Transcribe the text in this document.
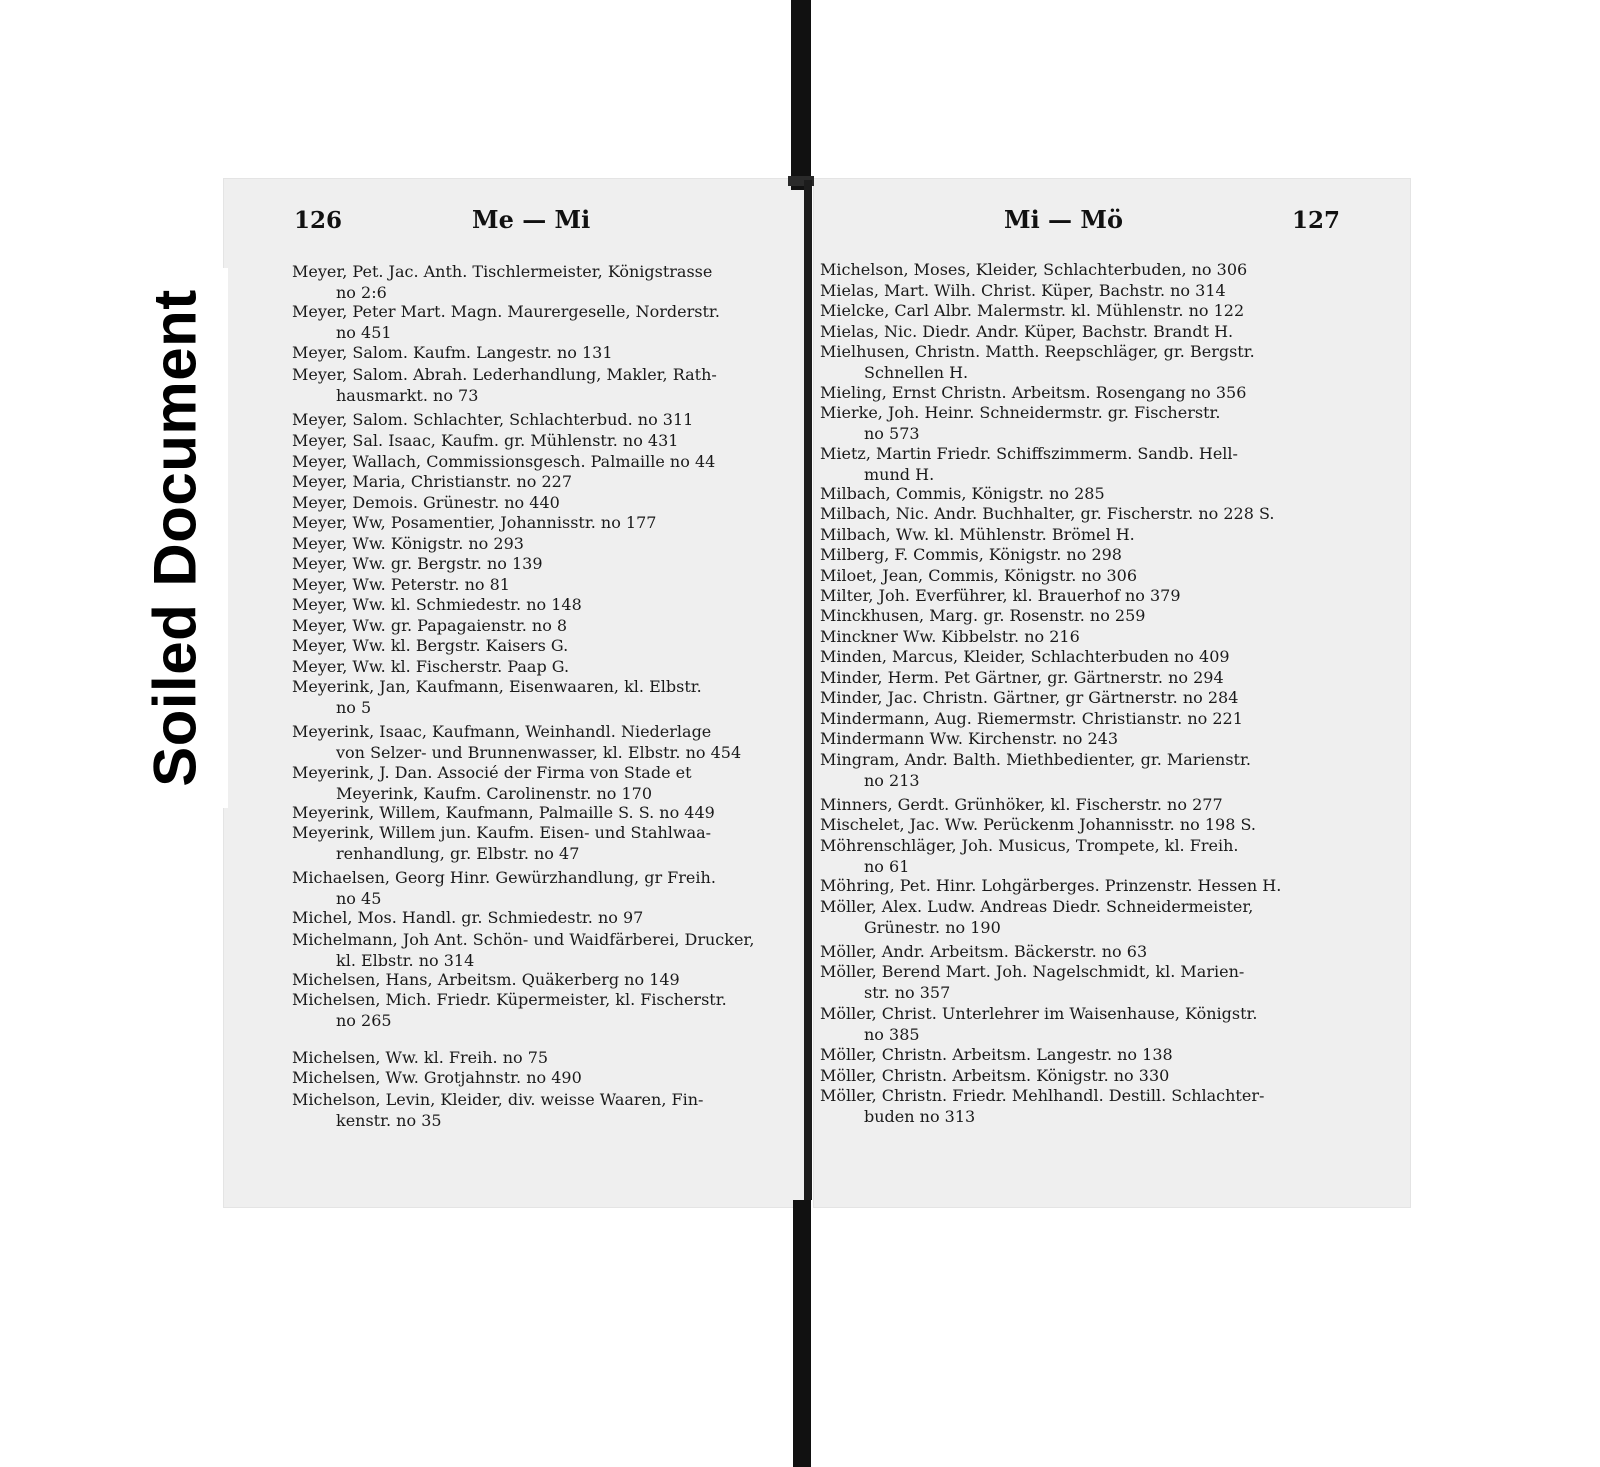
Soiled Document
126	Me — Mi	Mi — Mö	127
Meyer, Pet. Jac. Anth. Tischlermeister, Königstrasse
no 2:6
Meyer, Peter Mart. Magn. Maurergeselle, Norderstr.
no 451
Meyer, Salom. Kaufm. Langestr. no 131
Meyer, Salom. Abrah. Lederhandlung, Makler, Rath-
hausmarkt. no 73
Meyer, Salom. Schlachter, Schlachterbud. no 311
Meyer, Sal. Isaac, Kaufm. gr. Mühlenstr. no 431
Meyer, Wallach, Commissionsgesch. Palmaille no 44
Meyer, Maria, Christianstr. no 227
Meyer, Demois. Grünestr. no 440
Meyer, Ww, Posamentier, Johannisstr. no 177
Meyer, Ww. Königstr. no 293
Meyer, Ww. gr. Bergstr. no 139
Meyer, Ww. Peterstr. no 81
Meyer, Ww. kl. Schmiedestr. no 148
Meyer, Ww. gr. Papagaienstr. no 8
Meyer, Ww. kl. Bergstr. Kaisers G.
Meyer, Ww. kl. Fischerstr. Paap G.
Meyerink, Jan, Kaufmann, Eisenwaaren, kl. Elbstr.
no 5
Meyerink, Isaac, Kaufmann, Weinhandl. Niederlage
von Selzer- und Brunnenwasser, kl. Elbstr. no 454
Meyerink, J. Dan. Associé der Firma von Stade et
Meyerink, Kaufm. Carolinenstr. no 170
Meyerink, Willem, Kaufmann, Palmaille S. S. no 449
Meyerink, Willem jun. Kaufm. Eisen- und Stahlwaa-
renhandlung, gr. Elbstr. no 47
Michaelsen, Georg Hinr. Gewürzhandlung, gr Freih.
no 45
Michel, Mos. Handl. gr. Schmiedestr. no 97
Michelmann, Joh Ant. Schön- und Waidfärberei, Drucker,
kl. Elbstr. no 314
Michelsen, Hans, Arbeitsm. Quäkerberg no 149
Michelsen, Mich. Friedr. Küpermeister, kl. Fischerstr.
no 265
Michelsen, Ww. kl. Freih. no 75
Michelsen, Ww. Grotjahnstr. no 490
Michelson, Levin, Kleider, div. weisse Waaren, Fin-
kenstr. no 35
Michelson, Moses, Kleider, Schlachterbuden, no 306
Mielas, Mart. Wilh. Christ. Küper, Bachstr. no 314
Mielcke, Carl Albr. Malermstr. kl. Mühlenstr. no 122
Mielas, Nic. Diedr. Andr. Küper, Bachstr. Brandt H.
Mielhusen, Christn. Matth. Reepschläger, gr. Bergstr.
Schnellen H.
Mieling, Ernst Christn. Arbeitsm. Rosengang no 356
Mierke, Joh. Heinr. Schneidermstr. gr. Fischerstr.
no 573
Mietz, Martin Friedr. Schiffszimmerm. Sandb. Hell-
mund H.
Milbach, Commis, Königstr. no 285
Milbach, Nic. Andr. Buchhalter, gr. Fischerstr. no 228 S.
Milbach, Ww. kl. Mühlenstr. Brömel H.
Milberg, F. Commis, Königstr. no 298
Miloet, Jean, Commis, Königstr. no 306
Milter, Joh. Everführer, kl. Brauerhof no 379
Minckhusen, Marg. gr. Rosenstr. no 259
Minckner Ww. Kibbelstr. no 216
Minden, Marcus, Kleider, Schlachterbuden no 409
Minder, Herm. Pet Gärtner, gr. Gärtnerstr. no 294
Minder, Jac. Christn. Gärtner, gr Gärtnerstr. no 284
Mindermann, Aug. Riemermstr. Christianstr. no 221
Mindermann Ww. Kirchenstr. no 243
Mingram, Andr. Balth. Miethbedienter, gr. Marienstr.
no 213
Minners, Gerdt. Grünhöker, kl. Fischerstr. no 277
Mischelet, Jac. Ww. Perückenm Johannisstr. no 198 S.
Möhrenschläger, Joh. Musicus, Trompete, kl. Freih.
no 61
Möhring, Pet. Hinr. Lohgärberges. Prinzenstr. Hessen H.
Möller, Alex. Ludw. Andreas Diedr. Schneidermeister,
Grünestr. no 190
Möller, Andr. Arbeitsm. Bäckerstr. no 63
Möller, Berend Mart. Joh. Nagelschmidt, kl. Marien-
str. no 357
Möller, Christ. Unterlehrer im Waisenhause, Königstr.
no 385
Möller, Christn. Arbeitsm. Langestr. no 138
Möller, Christn. Arbeitsm. Königstr. no 330
Möller, Christn. Friedr. Mehlhandl. Destill. Schlachter-
buden no 313
